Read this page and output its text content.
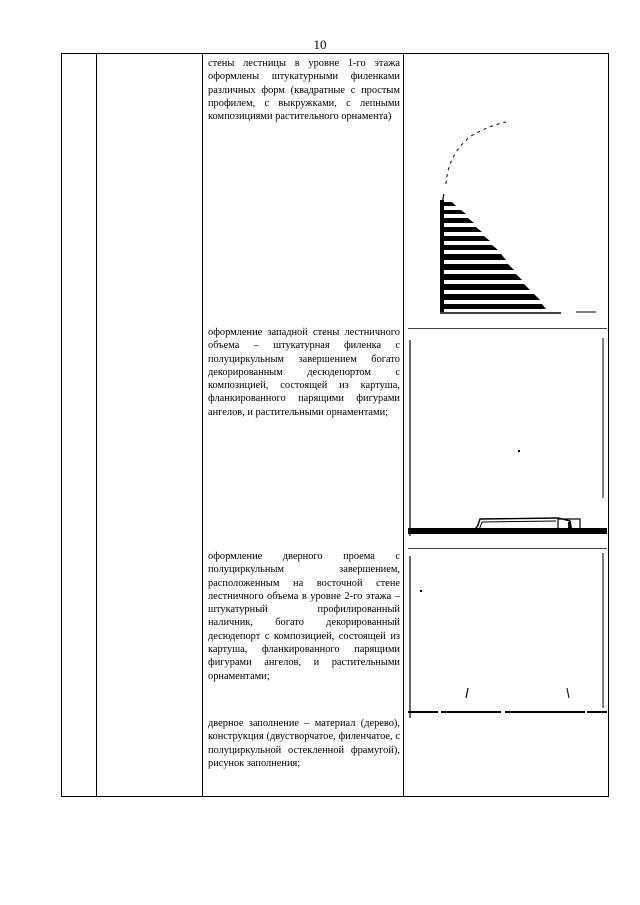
10
стены лестницы в уровне 1-го этажа оформлены штукатурными филенками различных форм (квадратные с простым профилем, с выкружками, с лепными композициями растительного орнамента)
оформление западной стены лестничного объема – штукатурная филенка с полуциркульным завершением богато декорированным десюдепортом с композицией, состоящей из картуша, фланкированного парящими фигурами ангелов, и растительными орнаментами;
оформление дверного проема с полуциркульным завершением, расположенным на восточной стене лестничного объема в уровне 2-го этажа – штукатурный профилированный наличник, богато декорированный десюдепорт с композицией, состоящей из картуша, фланкированного парящими фигурами ангелов, и растительными орнаментами;
дверное заполнение – материал (дерево), конструкция (двустворчатое, филенчатое, с полуциркульной остекленной фрамугой), рисунок заполнения;
